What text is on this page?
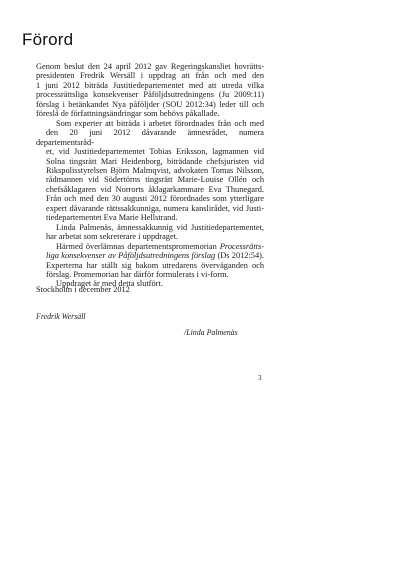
Förord

Genom beslut den 24 april 2012 gav Regeringskansliet hovrätts-
presidenten Fredrik Wersäll i uppdrag att från och med den
1 juni 2012 biträda Justitiedepartementet med att utreda vilka
processrättsliga konsekvenser Påföljdsutredningens (Ju 2009:11)
förslag i betänkandet Nya påföljder (SOU 2012:34) leder till och
föreslå de författningsändringar som behövs påkallade.

Som experter att biträda i arbetet förordnades från och med
den 20 juni 2012 dåvarande ämnesrådet, numera departementsråd-
et, vid Justitiedepartementet Tobias Eriksson, lagmannen vid
Solna tingsrätt Mari Heidenborg, biträdande chefsjuristen vid
Rikspolisstyrelsen Björn Malmqvist, advokaten Tomas Nilsson,
rådmannen vid Södertörns tingsrätt Marie-Louise Ollén och
chefsåklagaren vid Norrorts åklagarkammare Eva Thunegard.
Från och med den 30 augusti 2012 förordnades som ytterligare
expert dåvarande rättssakkunniga, numera kanslirådet, vid Justi-
tiedepartementet Eva Marie Hellstrand.

Linda Palmenäs, ämnessakkunnig vid Justitiedepartementet,
har arbetat som sekreterare i uppdraget.

Härmed överlämnas departementspromemorian Processrätts-
liga konsekvenser av Påföljdsutredningens förslag (Ds 2012:54).
Experterna har ställt sig bakom utredarens överväganden och
förslag. Promemorian har därför formulerats i vi-form.

Uppdraget är med detta slutfört.

Stockholm i december 2012
Fredrik Wersäll
/Linda Palmenäs
3
